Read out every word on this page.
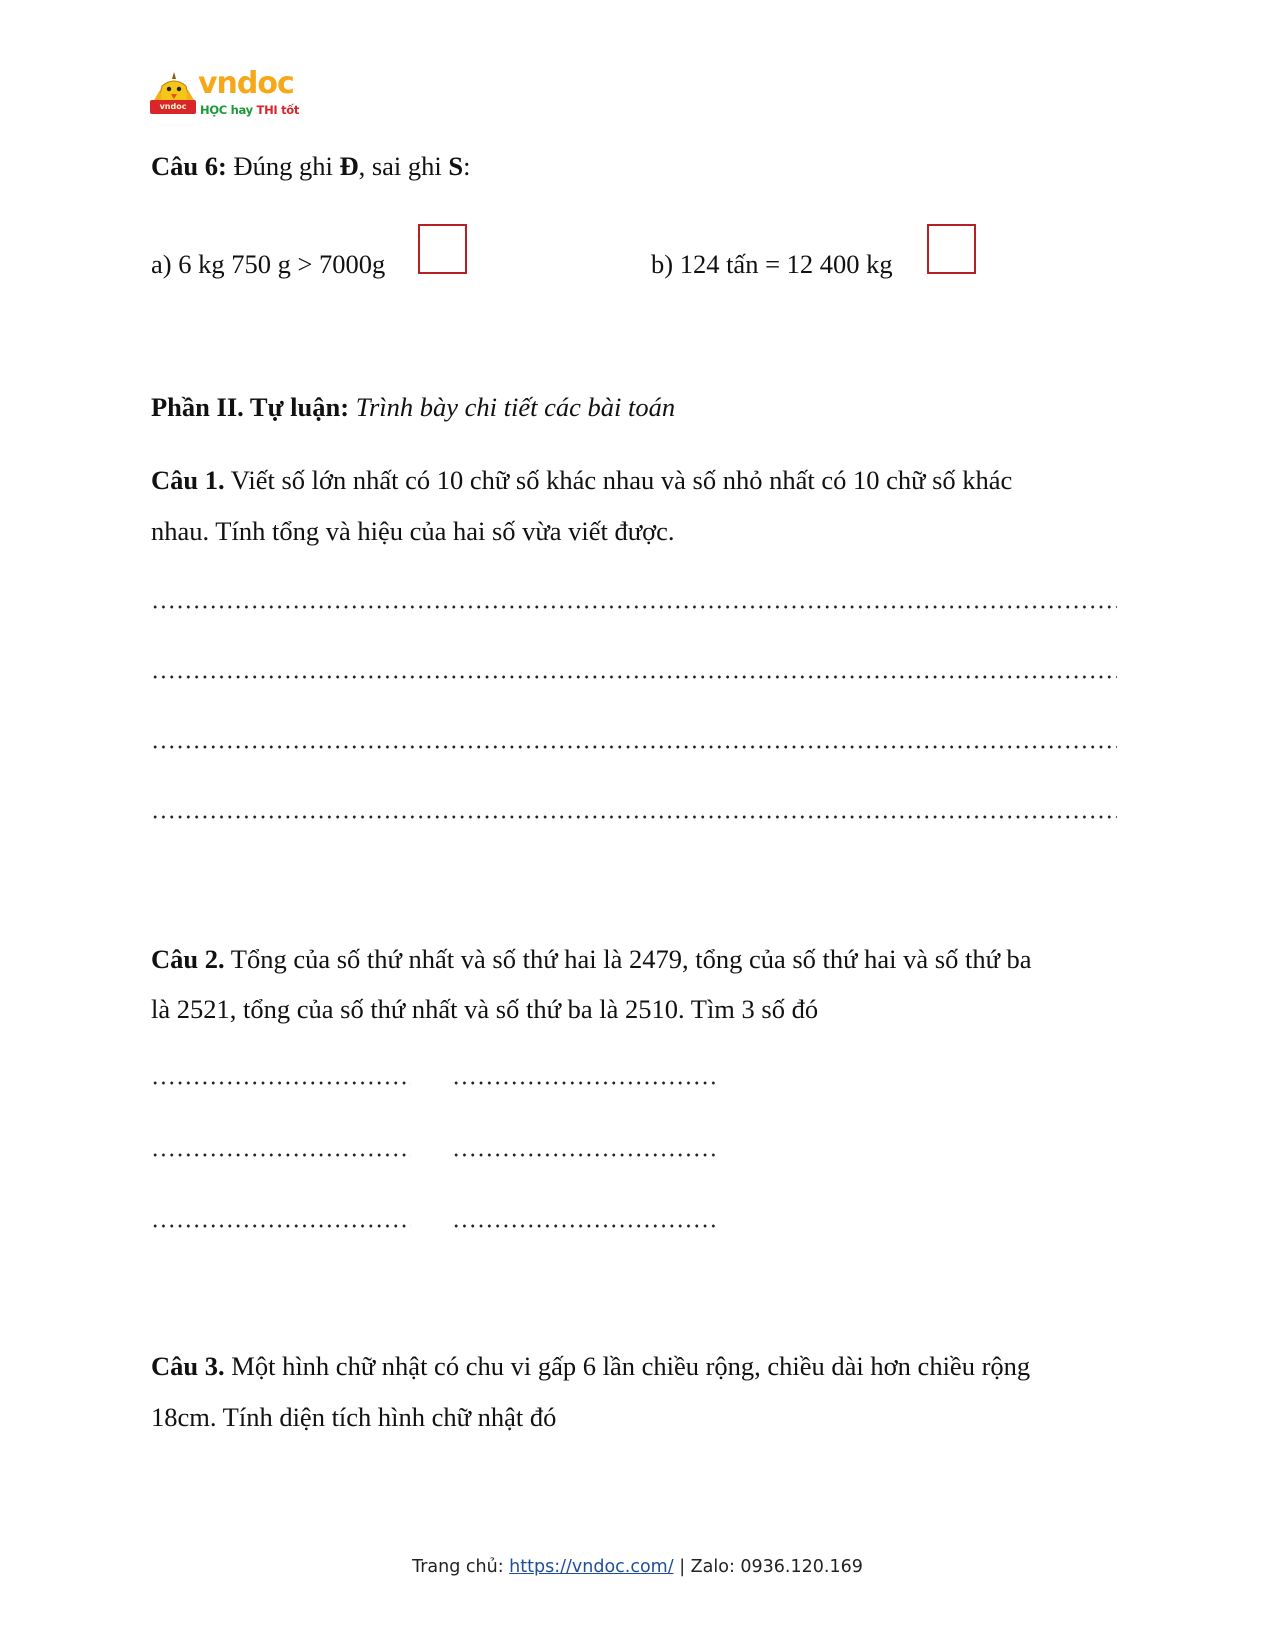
vndoc
vndoc
HỌC hay THI tốt
Câu 6: Đúng ghi Đ, sai ghi S:
a) 6 kg 750 g > 7000g	b) 124 tấn = 12 400 kg
Phần II. Tự luận: Trình bày chi tiết các bài toán
Câu 1. Viết số lớn nhất có 10 chữ số khác nhau và số nhỏ nhất có 10 chữ số khác
nhau. Tính tổng và hiệu của hai số vừa viết được.
Câu 2. Tổng của số thứ nhất và số thứ hai là 2479, tổng của số thứ hai và số thứ ba
là 2521, tổng của số thứ nhất và số thứ ba là 2510. Tìm 3 số đó
Câu 3. Một hình chữ nhật có chu vi gấp 6 lần chiều rộng, chiều dài hơn chiều rộng
18cm. Tính diện tích hình chữ nhật đó
Trang chủ: https://vndoc.com/ | Zalo: 0936.120.169
